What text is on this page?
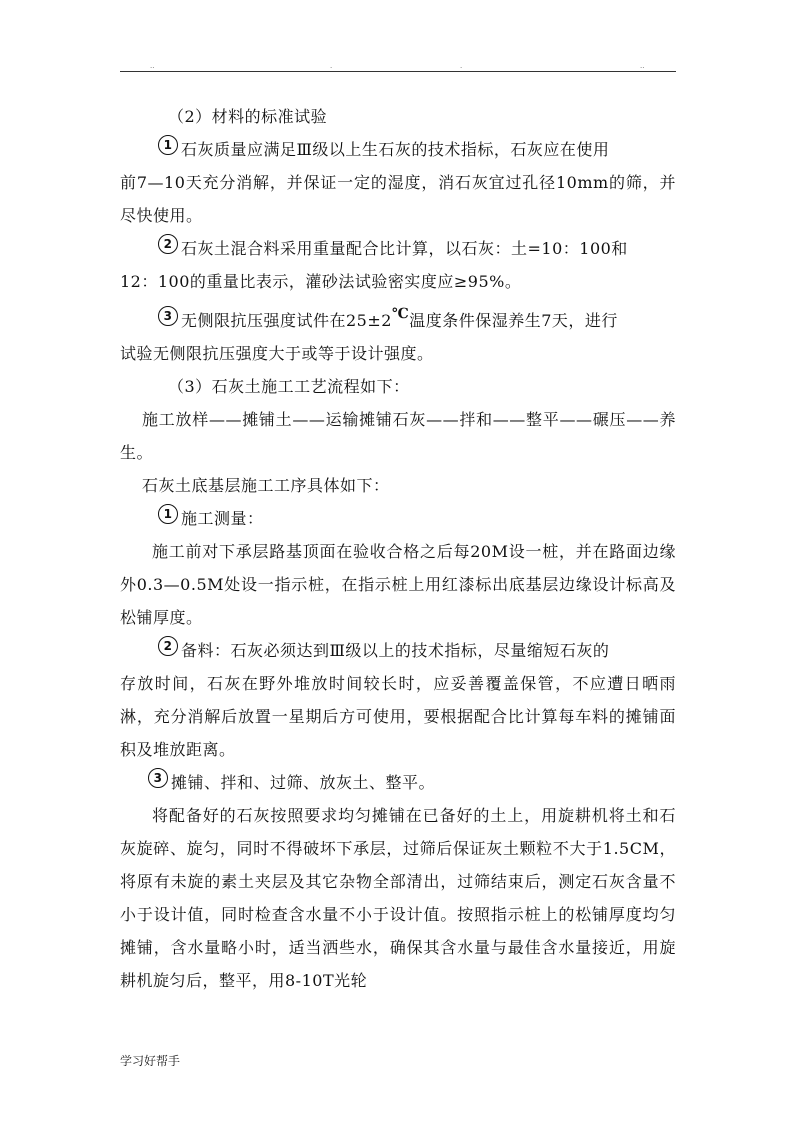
..	.	.	..

（2）材料的标准试验

1 石灰质量应满足Ⅲ级以上生石灰的技术指标，石灰应在使用

前7—10天充分消解，并保证一定的湿度，消石灰宜过孔径10mm的筛，并尽快使用。

2 石灰土混合料采用重量配合比计算，以石灰：土=10：100和

12：100的重量比表示，灌砂法试验密实度应≥95%。

3 无侧限抗压强度试件在25±2℃温度条件保湿养生7天，进行

试验无侧限抗压强度大于或等于设计强度。

（3）石灰土施工工艺流程如下：

施工放样——摊铺土——运输摊铺石灰——拌和——整平——碾压——养生。

石灰土底基层施工工序具体如下：

1 施工测量：

施工前对下承层路基顶面在验收合格之后每20M设一桩，并在路面边缘外0.3—0.5M处设一指示桩，在指示桩上用红漆标出底基层边缘设计标高及松铺厚度。

2 备料：石灰必须达到Ⅲ级以上的技术指标，尽量缩短石灰的

存放时间，石灰在野外堆放时间较长时，应妥善覆盖保管，不应遭日晒雨淋，充分消解后放置一星期后方可使用，要根据配合比计算每车料的摊铺面积及堆放距离。

3 摊铺、拌和、过筛、放灰土、整平。

将配备好的石灰按照要求均匀摊铺在已备好的土上，用旋耕机将土和石灰旋碎、旋匀，同时不得破坏下承层，过筛后保证灰土颗粒不大于1.5CM，将原有未旋的素土夹层及其它杂物全部清出，过筛结束后，测定石灰含量不小于设计值，同时检查含水量不小于设计值。按照指示桩上的松铺厚度均匀摊铺，含水量略小时，适当洒些水，确保其含水量与最佳含水量接近，用旋耕机旋匀后，整平，用8-10T光轮

学习好帮手
